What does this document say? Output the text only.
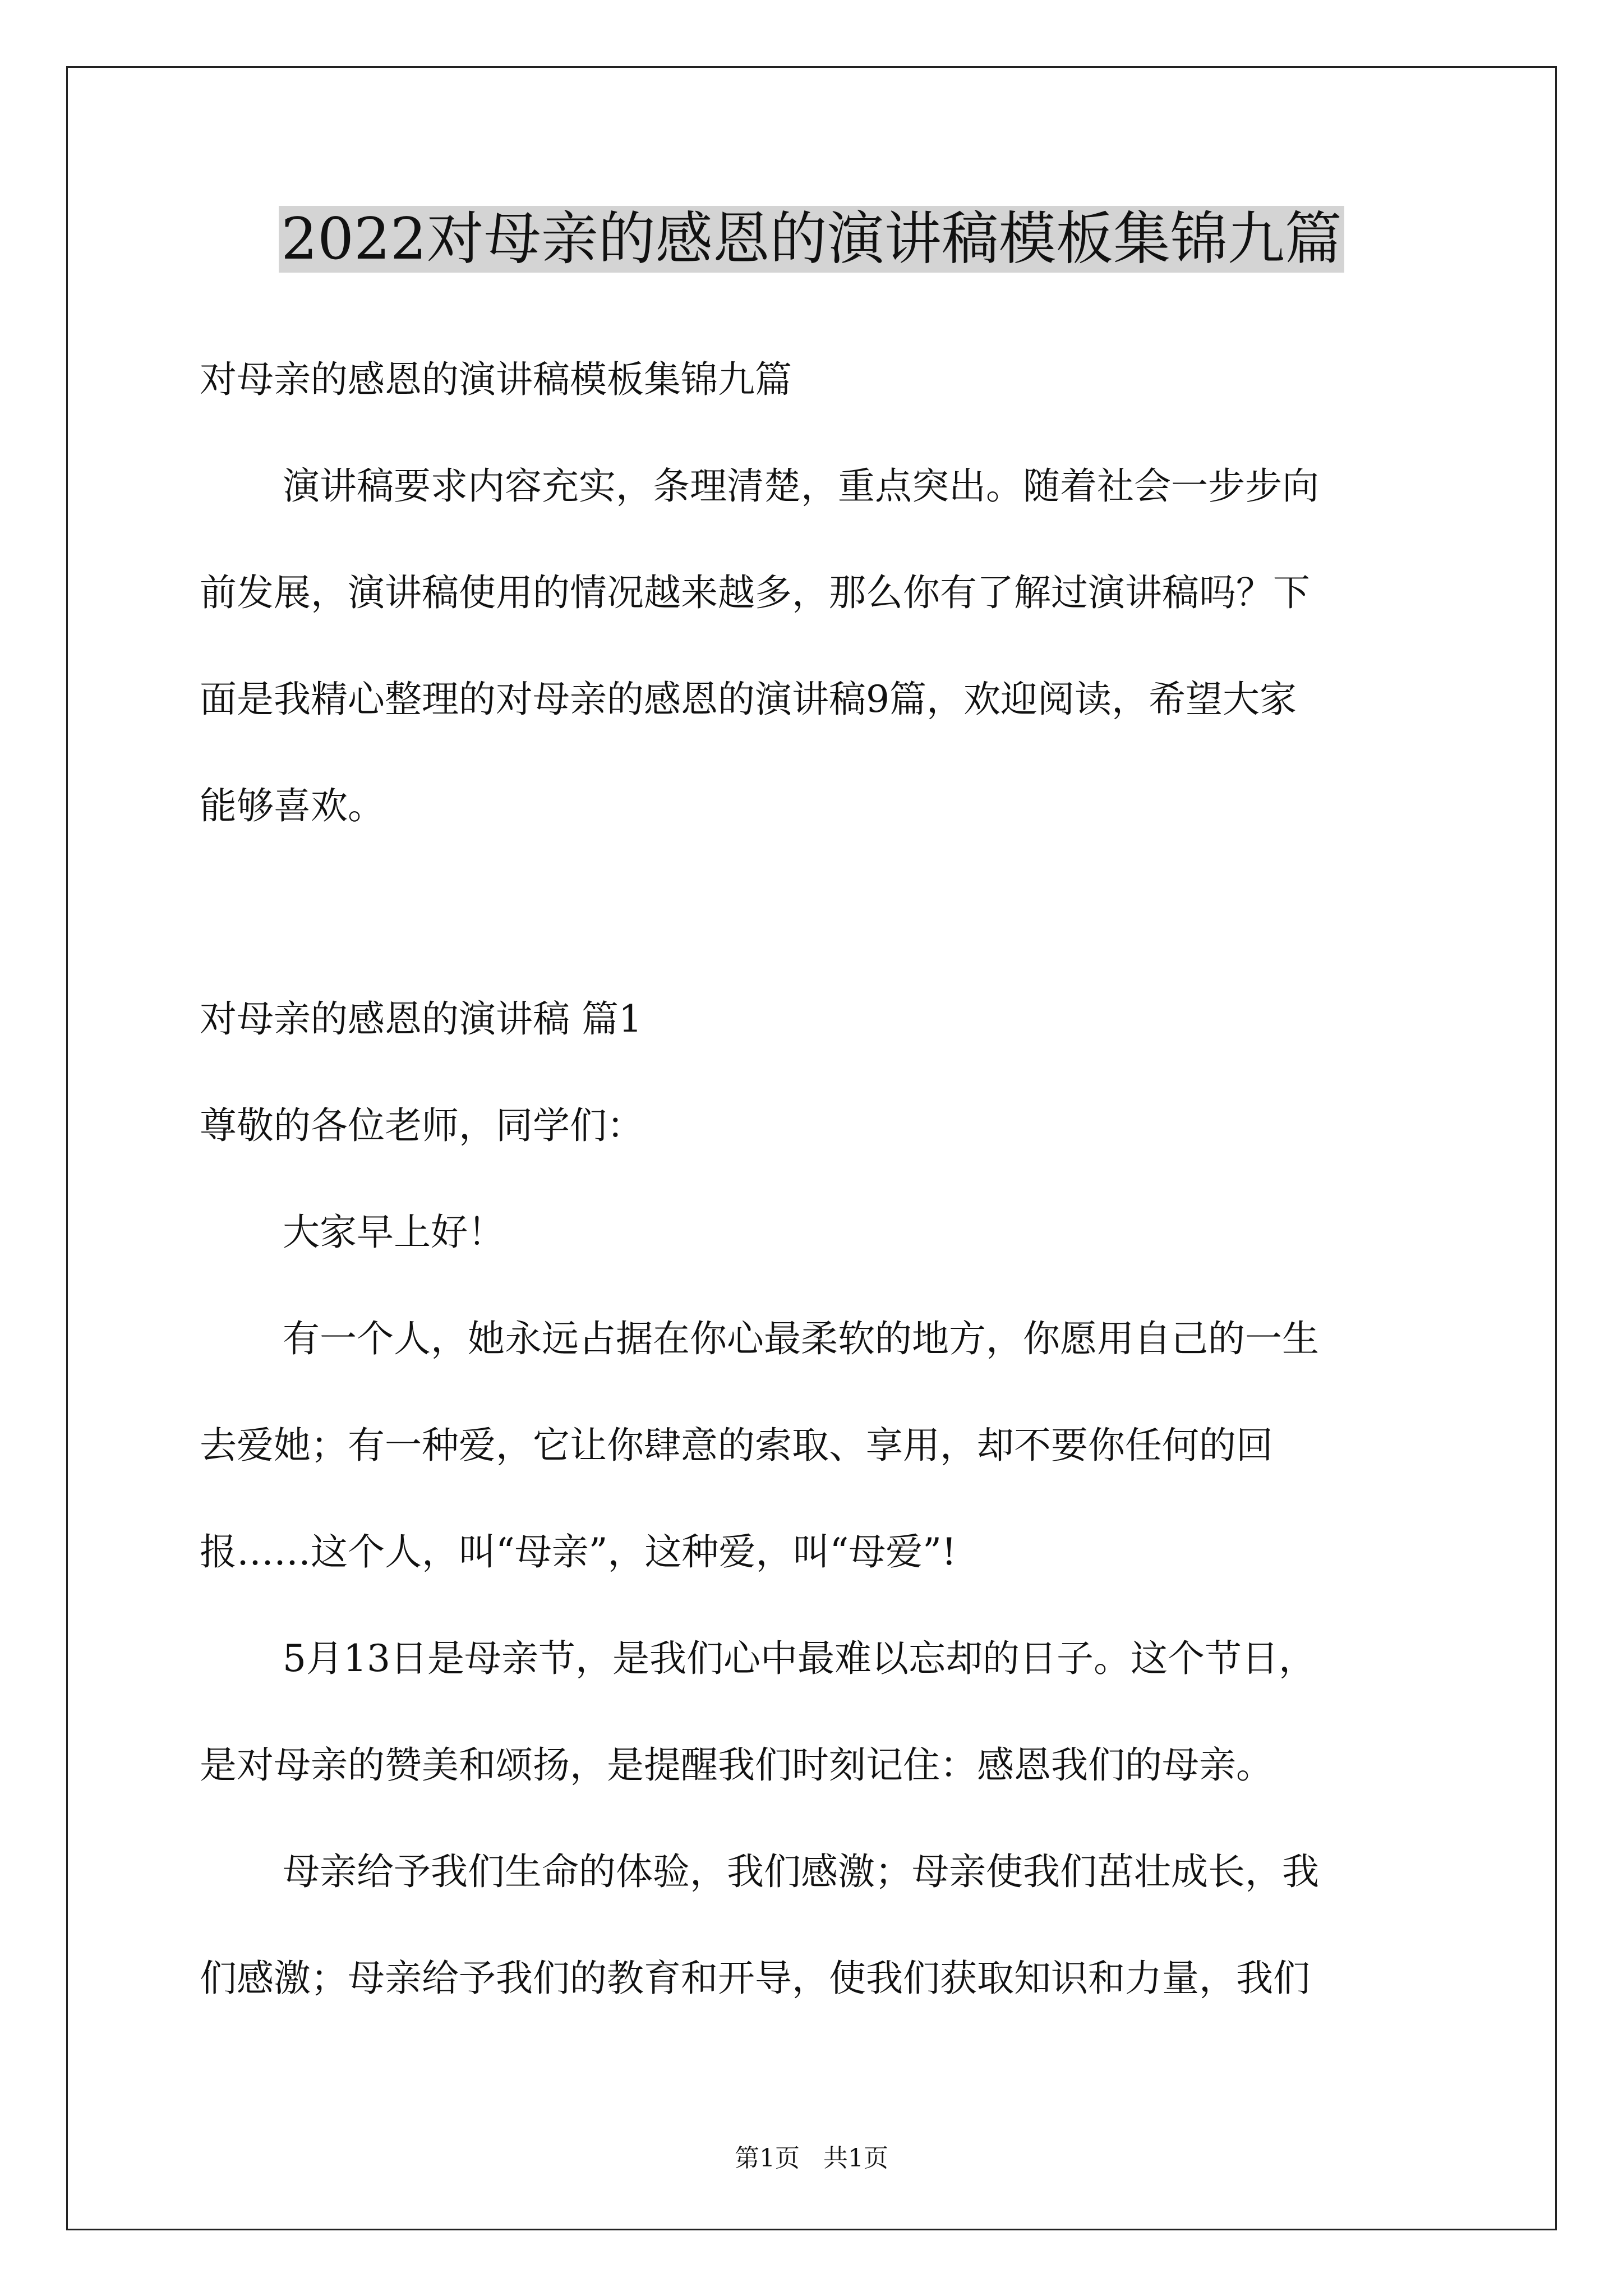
2022对母亲的感恩的演讲稿模板集锦九篇

对母亲的感恩的演讲稿模板集锦九篇

演讲稿要求内容充实，条理清楚，重点突出。随着社会一步步向

前发展，演讲稿使用的情况越来越多，那么你有了解过演讲稿吗？下

面是我精心整理的对母亲的感恩的演讲稿9篇，欢迎阅读，希望大家

能够喜欢。

对母亲的感恩的演讲稿 篇1

尊敬的各位老师，同学们：

大家早上好！

有一个人，她永远占据在你心最柔软的地方，你愿用自己的一生

去爱她；有一种爱，它让你肆意的索取、享用，却不要你任何的回

报……这个人，叫“母亲”，这种爱，叫“母爱”!

5月13日是母亲节，是我们心中最难以忘却的日子。这个节日，

是对母亲的赞美和颂扬，是提醒我们时刻记住：感恩我们的母亲。

母亲给予我们生命的体验，我们感激；母亲使我们茁壮成长，我

们感激；母亲给予我们的教育和开导，使我们获取知识和力量，我们

第1页   共1页
